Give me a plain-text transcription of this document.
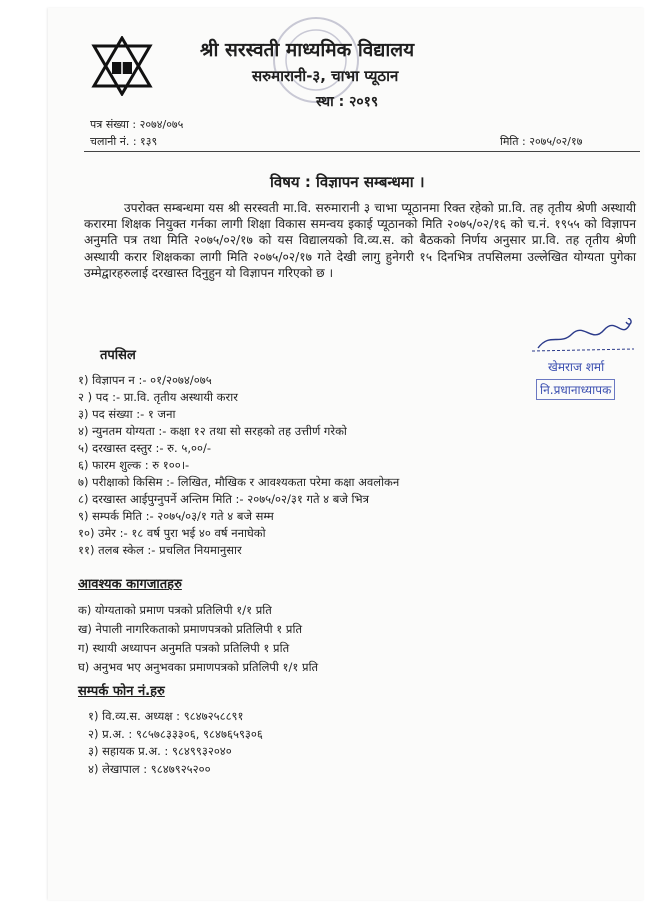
श्री सरस्वती माध्यमिक विद्यालय
सरुमारानी-३, चाभा प्यूठान
स्था : २०१९
पत्र संख्या : २०७४/०७५
चलानी नं. : १३९	मिति : २०७५/०२/१७
विषय : विज्ञापन सम्बन्धमा ।

उपरोक्त सम्बन्धमा यस श्री सरस्वती मा.वि. सरुमारानी ३ चाभा प्यूठानमा रिक्त रहेको प्रा.वि. तह तृतीय श्रेणी अस्थायी करारमा शिक्षक नियुक्त गर्नका लागी शिक्षा विकास समन्वय इकाई प्यूठानको मिति २०७५/०२/१६ को च.नं. १९५५ को विज्ञापन अनुमति पत्र तथा मिति २०७५/०२/१७ को यस विद्यालयको वि.व्य.स. को बैठकको निर्णय अनुसार प्रा.वि. तह तृतीय श्रेणी अस्थायी करार शिक्षकका लागी मिति २०७५/०२/१७ गते देखी लागु हुनेगरी १५ दिनभित्र तपसिलमा उल्लेखित योग्यता पुगेका उम्मेद्वारहरुलाई दरखास्त दिनुहुन यो विज्ञापन गरिएको छ ।

खेमराज शर्मा
नि.प्रधानाध्यापक
तपसिल
१) विज्ञापन न :- ०१/२०७४/०७५
२ ) पद :- प्रा.वि. तृतीय अस्थायी करार
३) पद संख्या :- १ जना
४) न्युनतम योग्यता :- कक्षा १२ तथा सो सरहको तह उत्तीर्ण गरेको
५) दरखास्त दस्तुर :- रु. ५,००/-
६) फारम शुल्क : रु १००।-
७) परीक्षाको किसिम :- लिखित, मौखिक र आवश्यकता परेमा कक्षा अवलोकन
८) दरखास्त आईपुग्नुपर्ने अन्तिम मिति :- २०७५/०२/३१ गते ४ बजे भित्र
९) सम्पर्क मिति :- २०७५/०३/१ गते ४ बजे सम्म
१०) उमेर :- १८ वर्ष पुरा भई ४० वर्ष ननाघेको
११) तलब स्केल :- प्रचलित नियमानुसार
आवश्यक कागजातहरु
क) योग्यताको प्रमाण पत्रको प्रतिलिपी १/१ प्रति
ख) नेपाली नागरिकताको प्रमाणपत्रको प्रतिलिपी १ प्रति
ग) स्थायी अध्यापन अनुमति पत्रको प्रतिलिपी १ प्रति
घ) अनुभव भए अनुभवका प्रमाणपत्रको प्रतिलिपी १/१ प्रति
सम्पर्क फोन नं.हरु
१) वि.व्य.स. अध्यक्ष : ९८४७२५८८९१
२) प्र.अ. : ९८५७८३३३०६, ९८४७६५९३०६
३) सहायक प्र.अ. : ९८४९९३२०४०
४) लेखापाल : ९८४७९२५२००
